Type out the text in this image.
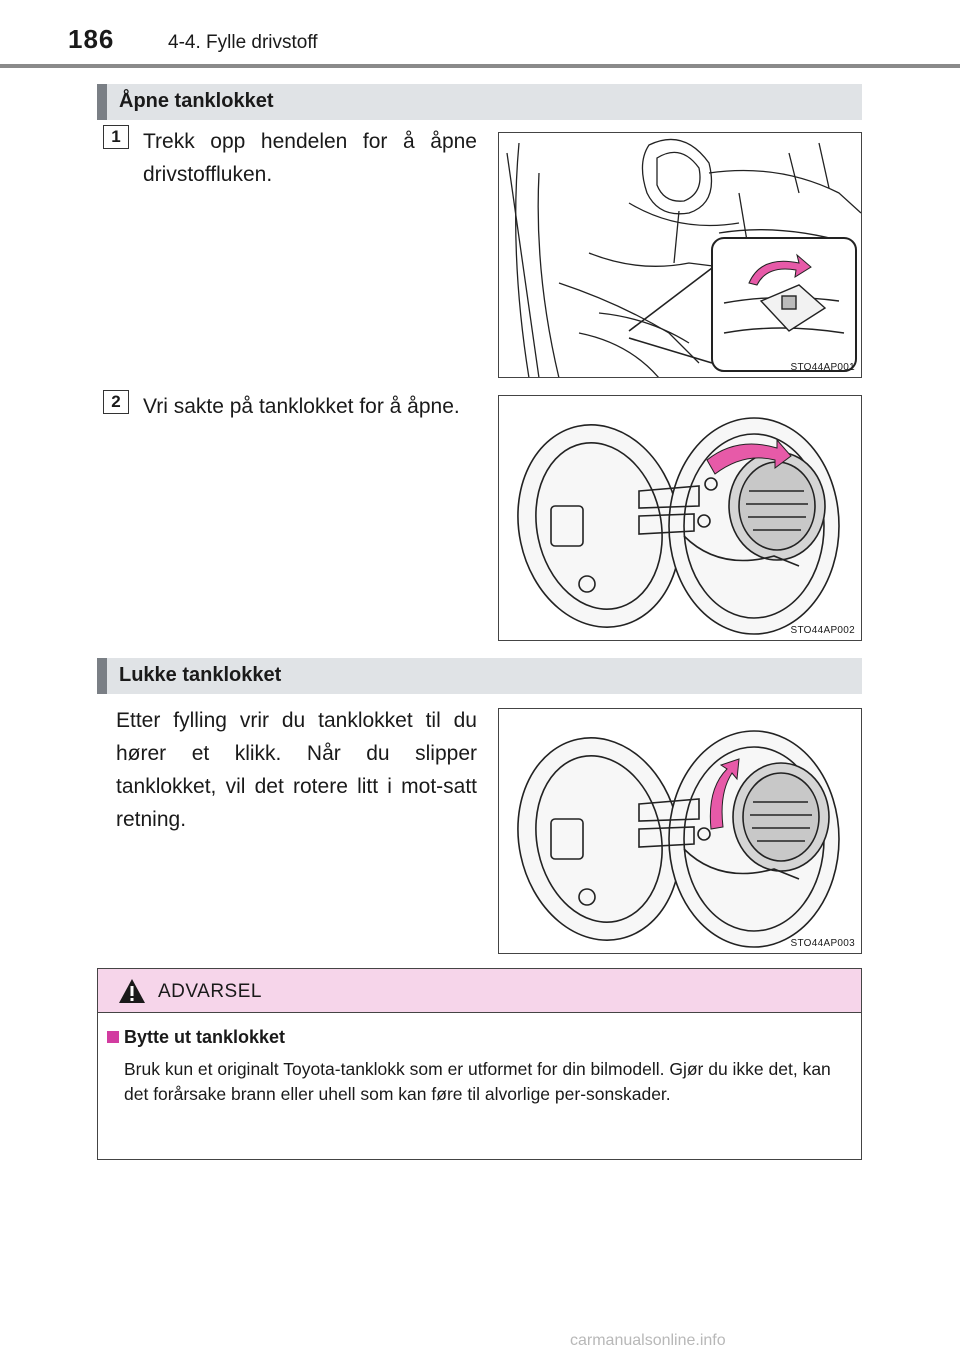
186	4-4. Fylle drivstoff
Åpne tanklokket
1	Trekk opp hendelen for å åpne drivstoffluken.
STO44AP001
2	Vri sakte på tanklokket for å åpne.
STO44AP002
Lukke tanklokket
Etter fylling vrir du tanklokket til du hører et klikk. Når du slipper tanklokket, vil det rotere litt i mot-satt retning.
STO44AP003
ADVARSEL
Bytte ut tanklokket
Bruk kun et originalt Toyota-tanklokk som er utformet for din bilmodell. Gjør du ikke det, kan det forårsake brann eller uhell som kan føre til alvorlige per-sonskader.
carmanualsonline.info
